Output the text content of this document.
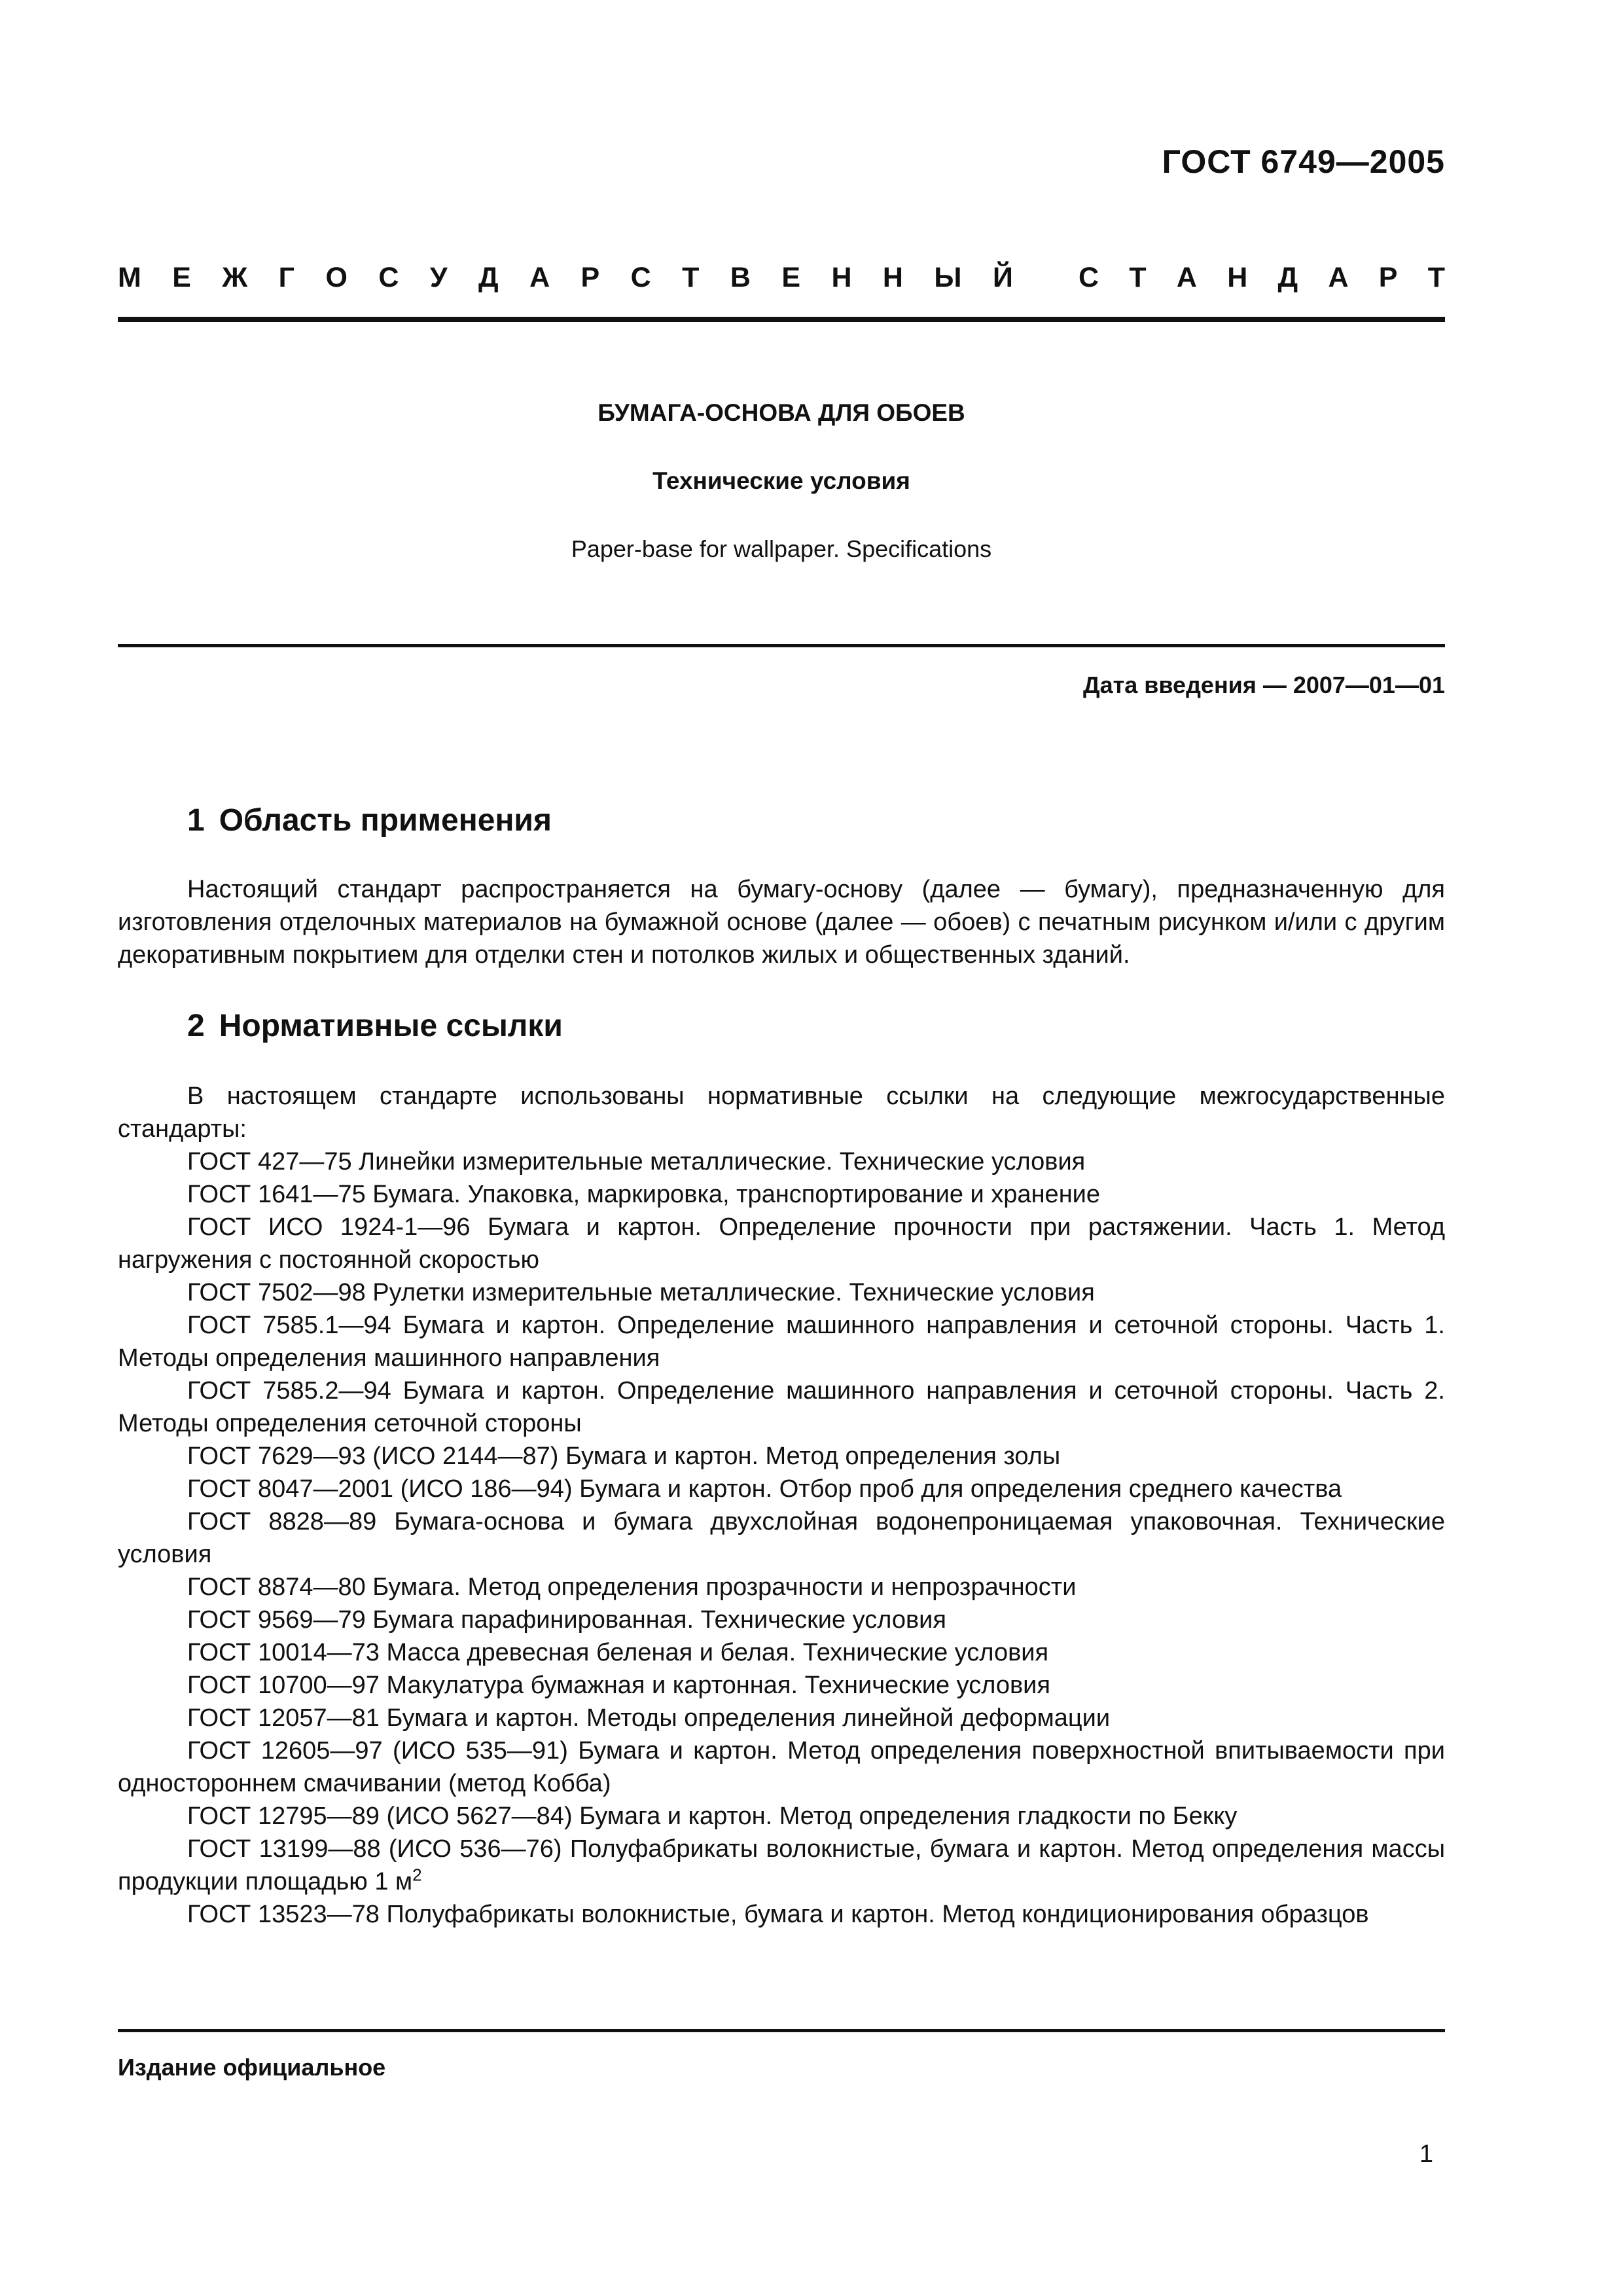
ГОСТ 6749—2005
М Е Ж Г О С У Д А Р С Т В Е Н Н Ы Й С Т А Н Д А Р Т
БУМАГА-ОСНОВА ДЛЯ ОБОЕВ
Технические условия
Paper-base for wallpaper. Specifications
Дата введения — 2007—01—01
1 Область применения
Настоящий стандарт распространяется на бумагу-основу (далее — бумагу), предназначенную для изготовления отделочных материалов на бумажной основе (далее — обоев) с печатным рисунком и/или с другим декоративным покрытием для отделки стен и потолков жилых и общественных зданий.
2 Нормативные ссылки
В настоящем стандарте использованы нормативные ссылки на следующие межгосударственные стандарты:
ГОСТ 427—75 Линейки измерительные металлические. Технические условия
ГОСТ 1641—75 Бумага. Упаковка, маркировка, транспортирование и хранение
ГОСТ ИСО 1924-1—96 Бумага и картон. Определение прочности при растяжении. Часть 1. Метод нагружения с постоянной скоростью
ГОСТ 7502—98 Рулетки измерительные металлические. Технические условия
ГОСТ 7585.1—94 Бумага и картон. Определение машинного направления и сеточной стороны. Часть 1. Методы определения машинного направления
ГОСТ 7585.2—94 Бумага и картон. Определение машинного направления и сеточной стороны. Часть 2. Методы определения сеточной стороны
ГОСТ 7629—93 (ИСО 2144—87) Бумага и картон. Метод определения золы
ГОСТ 8047—2001 (ИСО 186—94) Бумага и картон. Отбор проб для определения среднего качества
ГОСТ 8828—89 Бумага-основа и бумага двухслойная водонепроницаемая упаковочная. Технические условия
ГОСТ 8874—80 Бумага. Метод определения прозрачности и непрозрачности
ГОСТ 9569—79 Бумага парафинированная. Технические условия
ГОСТ 10014—73 Масса древесная беленая и белая. Технические условия
ГОСТ 10700—97 Макулатура бумажная и картонная. Технические условия
ГОСТ 12057—81 Бумага и картон. Методы определения линейной деформации
ГОСТ 12605—97 (ИСО 535—91) Бумага и картон. Метод определения поверхностной впитываемости при одностороннем смачивании (метод Кобба)
ГОСТ 12795—89 (ИСО 5627—84) Бумага и картон. Метод определения гладкости по Бекку
ГОСТ 13199—88 (ИСО 536—76) Полуфабрикаты волокнистые, бумага и картон. Метод определения массы продукции площадью 1 $м^2$
ГОСТ 13523—78 Полуфабрикаты волокнистые, бумага и картон. Метод кондиционирования образцов
Издание официальное
1
